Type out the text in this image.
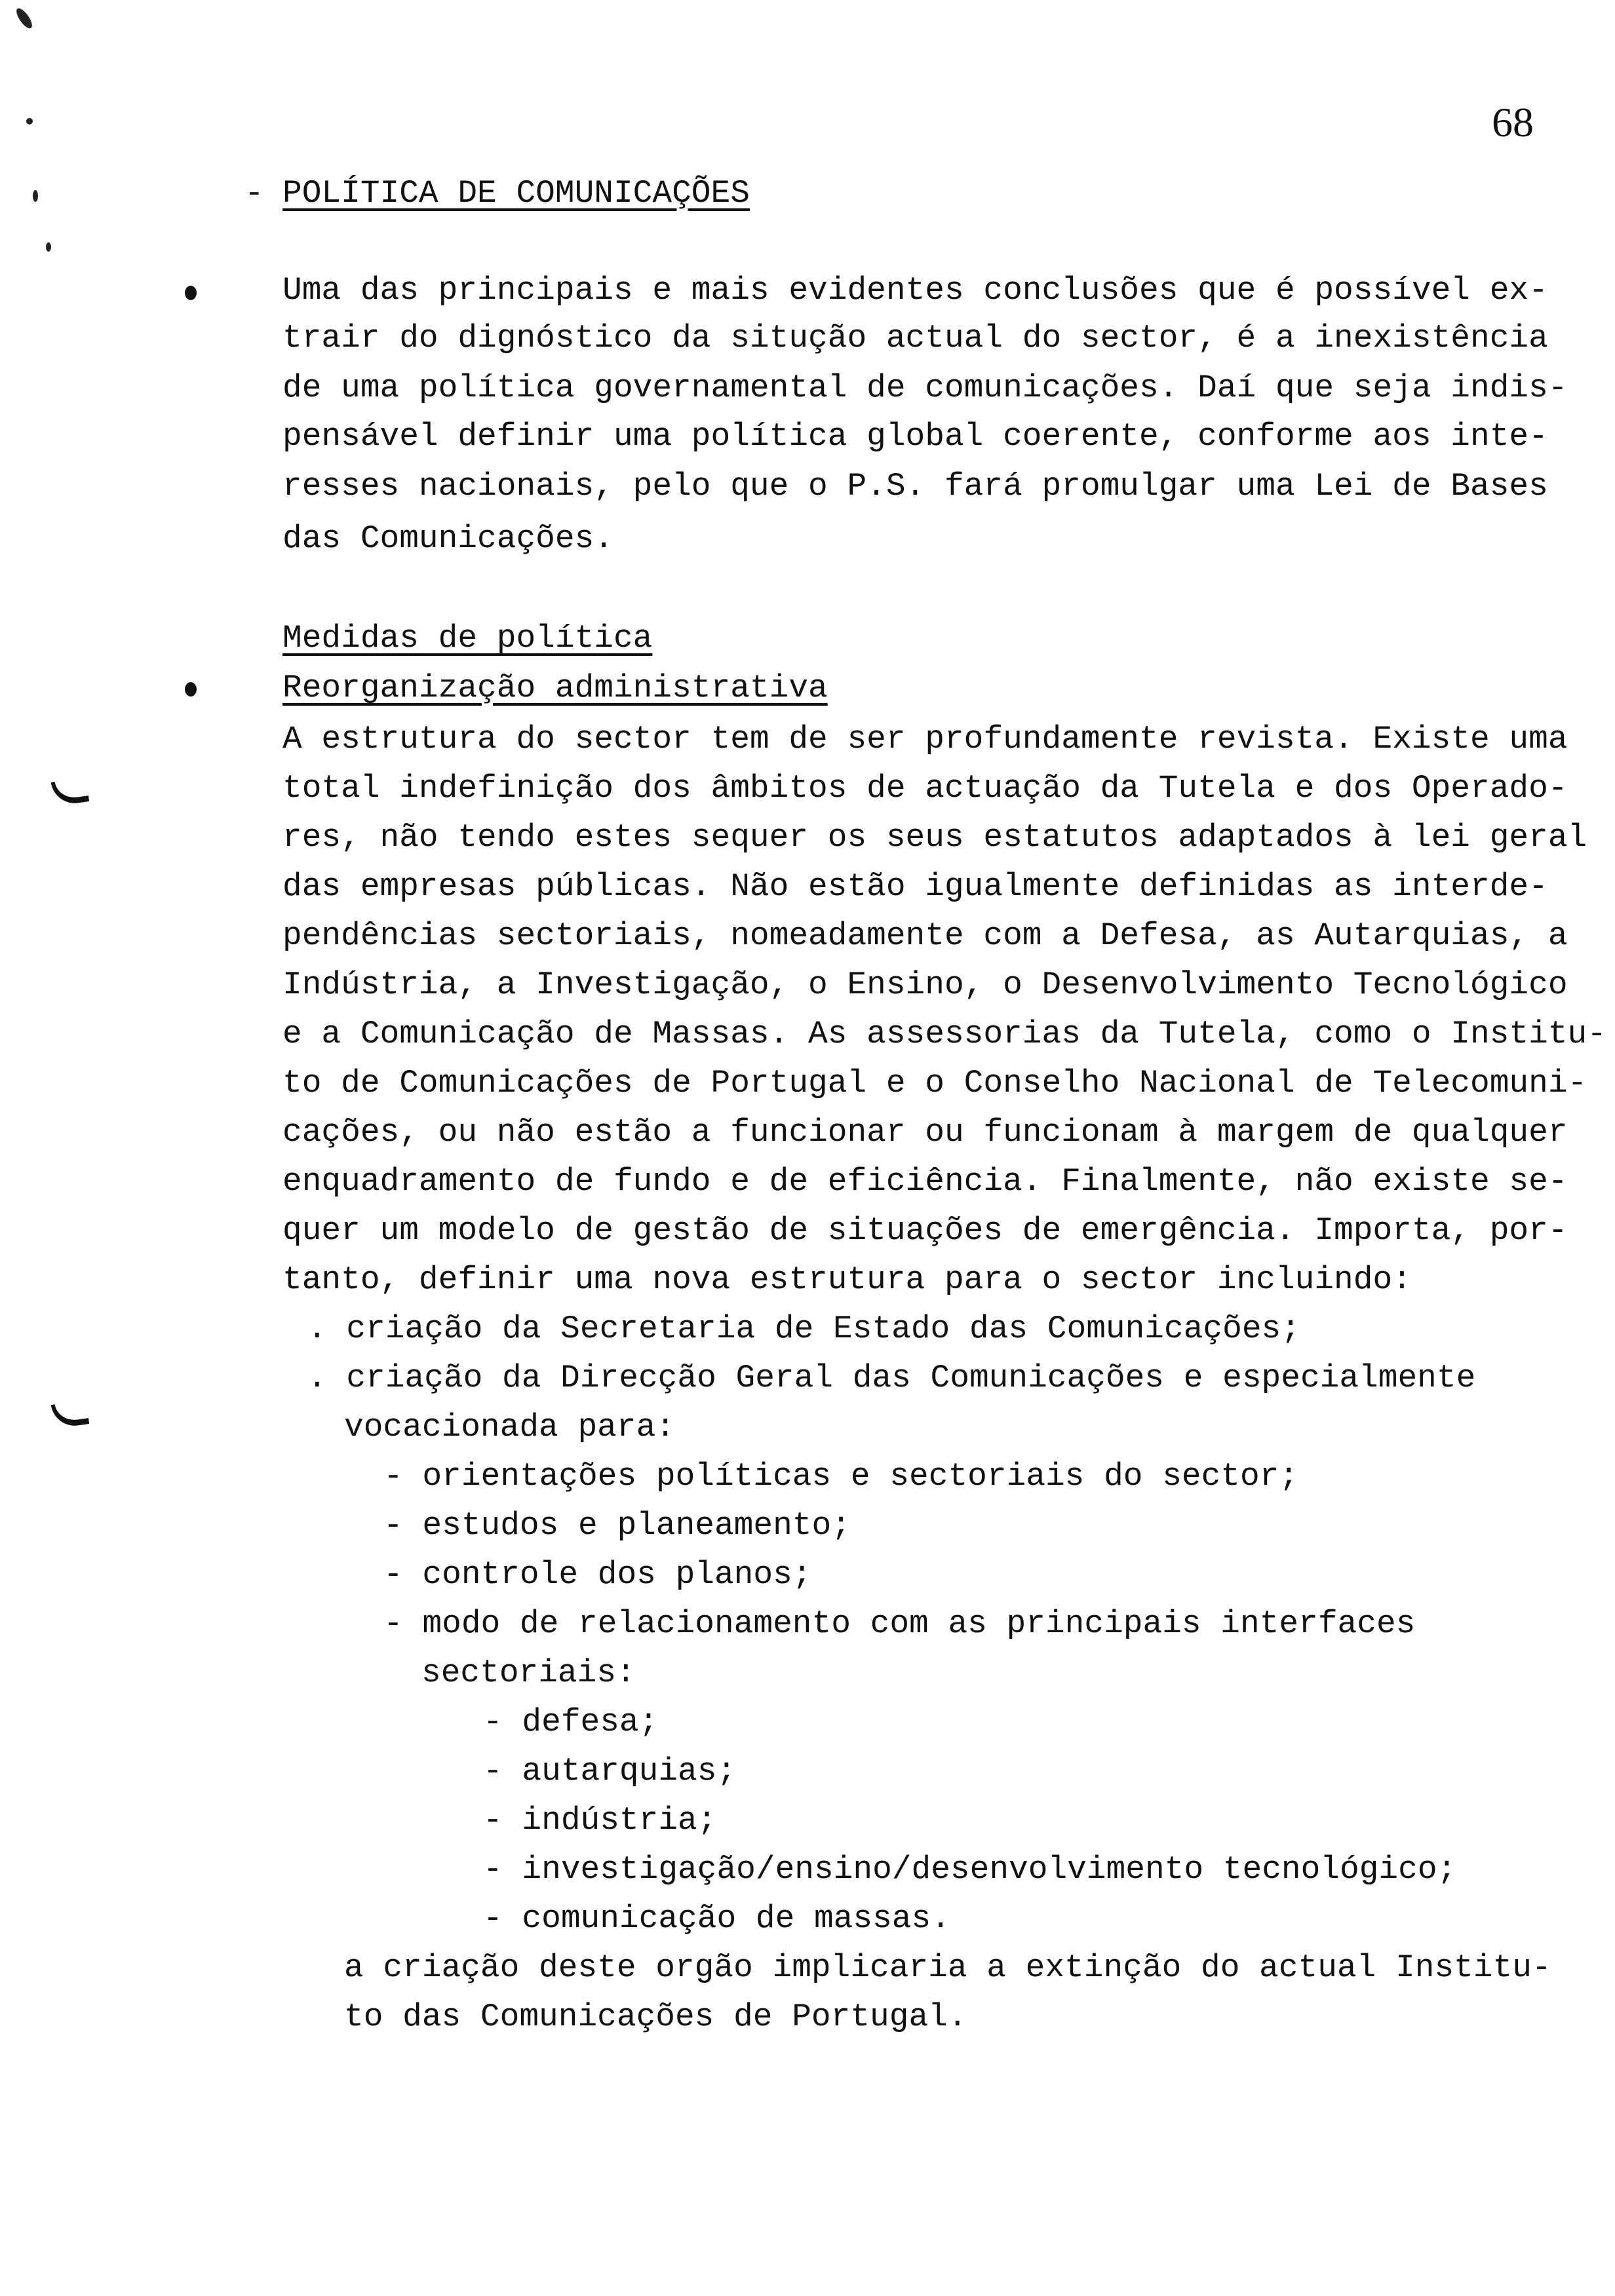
68
- POLÍTICA DE COMUNICAÇÕES
Uma das principais e mais evidentes conclusões que é possível ex-
trair do dignóstico da situção actual do sector, é a inexistência
de uma política governamental de comunicações. Daí que seja indis-
pensável definir uma política global coerente, conforme aos inte-
resses nacionais, pelo que o P.S. fará promulgar uma Lei de Bases
das Comunicações.
Medidas de política
Reorganização administrativa
A estrutura do sector tem de ser profundamente revista. Existe uma
total indefinição dos âmbitos de actuação da Tutela e dos Operado-
res, não tendo estes sequer os seus estatutos adaptados à lei geral
das empresas públicas. Não estão igualmente definidas as interde-
pendências sectoriais, nomeadamente com a Defesa, as Autarquias, a
Indústria, a Investigação, o Ensino, o Desenvolvimento Tecnológico
e a Comunicação de Massas. As assessorias da Tutela, como o Institu-
to de Comunicações de Portugal e o Conselho Nacional de Telecomuni-
cações, ou não estão a funcionar ou funcionam à margem de qualquer
enquadramento de fundo e de eficiência. Finalmente, não existe se-
quer um modelo de gestão de situações de emergência. Importa, por-
tanto, definir uma nova estrutura para o sector incluindo:
. criação da Secretaria de Estado das Comunicações;
. criação da Direcção Geral das Comunicações e especialmente
vocacionada para:
- orientações políticas e sectoriais do sector;
- estudos e planeamento;
- controle dos planos;
- modo de relacionamento com as principais interfaces
sectoriais:
- defesa;
- autarquias;
- indústria;
- investigação/ensino/desenvolvimento tecnológico;
- comunicação de massas.
a criação deste orgão implicaria a extinção do actual Institu-
to das Comunicações de Portugal.
